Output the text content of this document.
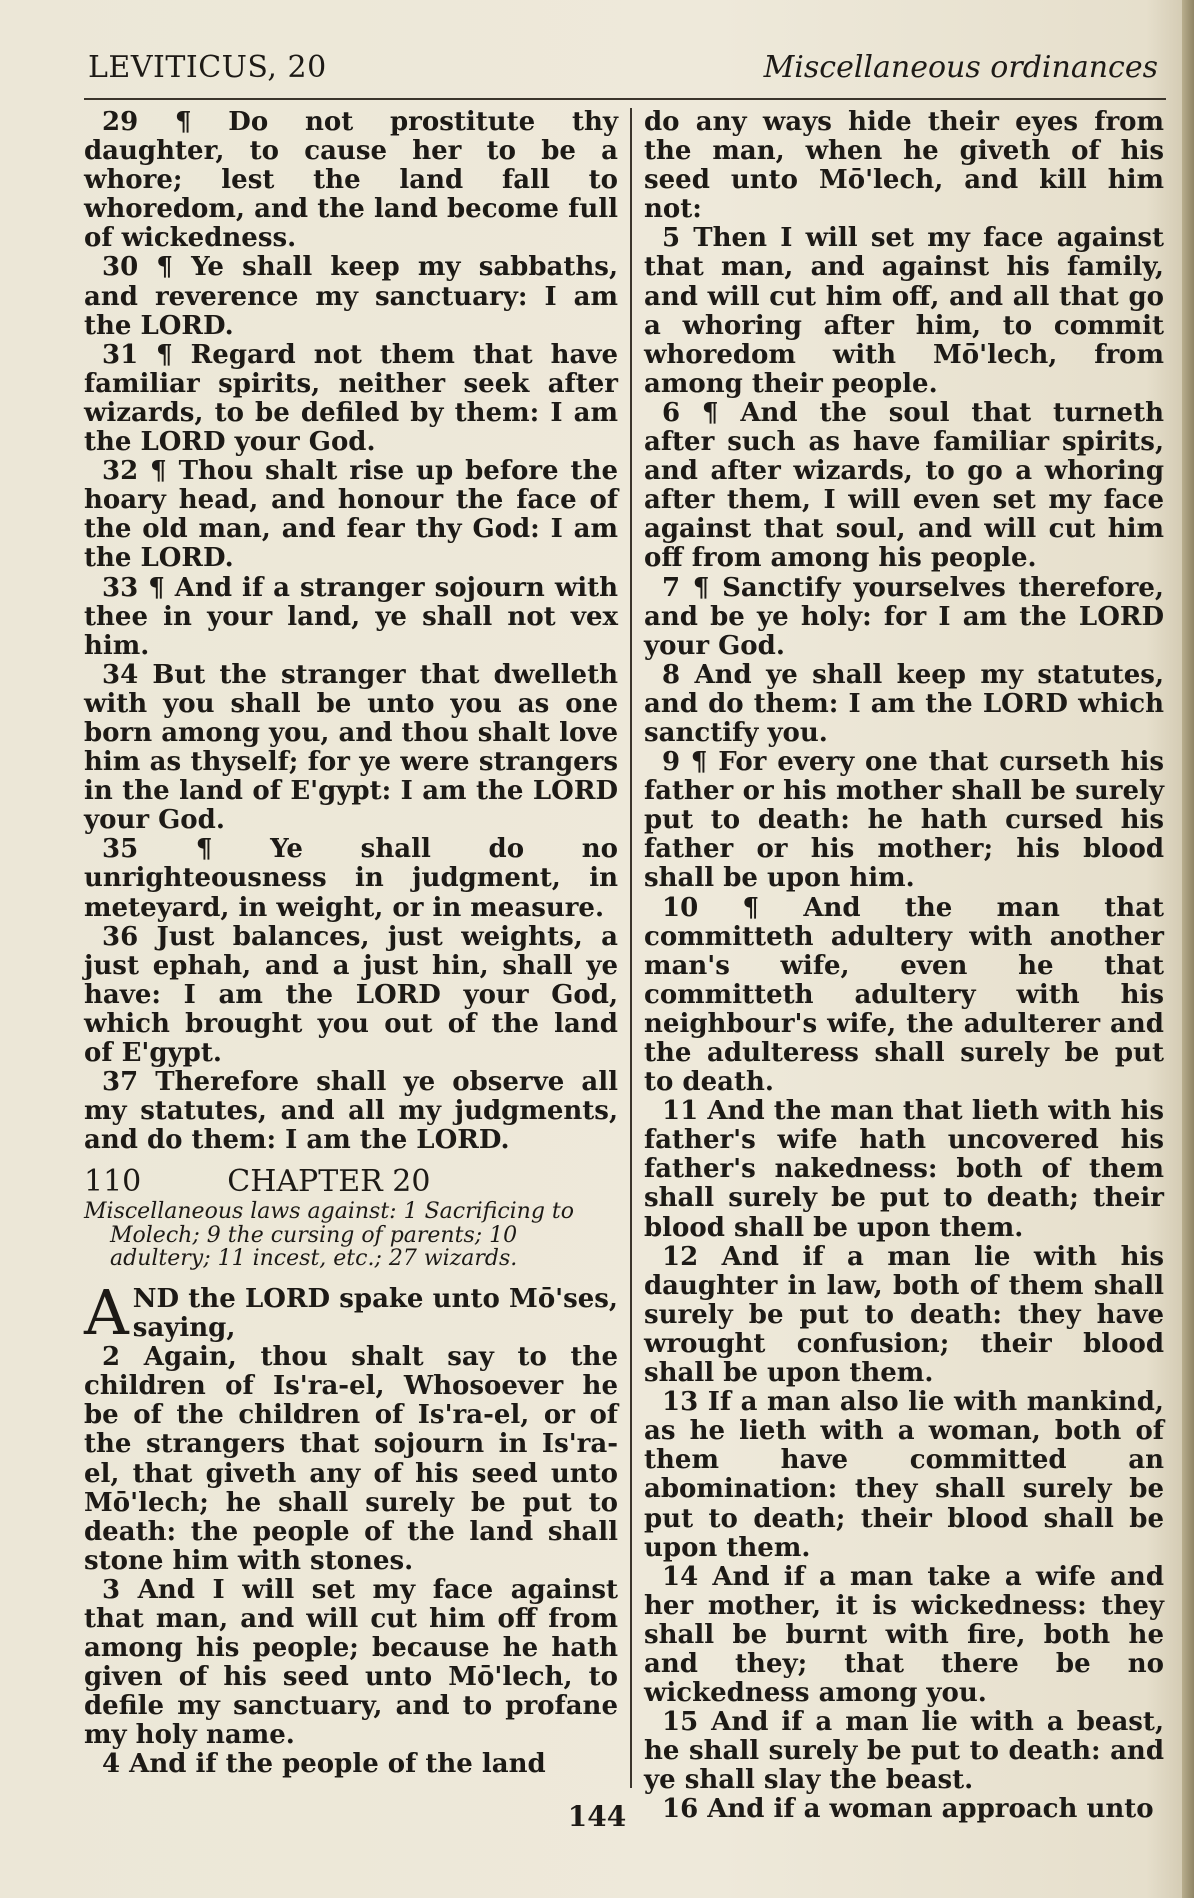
LEVITICUS, 20	Miscellaneous ordinances

29 ¶ Do not prostitute thy daughter, to cause her to be a whore; lest the land fall to whoredom, and the land become full of wickedness.

30 ¶ Ye shall keep my sabbaths, and reverence my sanctuary: I am the LORD.

31 ¶ Regard not them that have familiar spirits, neither seek after wizards, to be defiled by them: I am the LORD your God.

32 ¶ Thou shalt rise up before the hoary head, and honour the face of the old man, and fear thy God: I am the LORD.

33 ¶ And if a stranger sojourn with thee in your land, ye shall not vex him.

34 But the stranger that dwelleth with you shall be unto you as one born among you, and thou shalt love him as thyself; for ye were strangers in the land of E'gypt: I am the LORD your God.

35 ¶ Ye shall do no unrighteousness in judgment, in meteyard, in weight, or in measure.

36 Just balances, just weights, a just ephah, and a just hin, shall ye have: I am the LORD your God, which brought you out of the land of E'gypt.

37 Therefore shall ye observe all my statutes, and all my judgments, and do them: I am the LORD.

110	CHAPTER 20
Miscellaneous laws against: 1 Sacrificing to Molech; 9 the cursing of parents; 10 adultery; 11 incest, etc.; 27 wizards.

A ND the LORD spake unto Mō'ses, saying,

2 Again, thou shalt say to the children of Is'ra-el, Whosoever he be of the children of Is'ra-el, or of the strangers that sojourn in Is'ra-el, that giveth any of his seed unto Mō'lech; he shall surely be put to death: the people of the land shall stone him with stones.

3 And I will set my face against that man, and will cut him off from among his people; because he hath given of his seed unto Mō'lech, to defile my sanctuary, and to profane my holy name.

4 And if the people of the land

do any ways hide their eyes from the man, when he giveth of his seed unto Mō'lech, and kill him not:

5 Then I will set my face against that man, and against his family, and will cut him off, and all that go a whoring after him, to commit whoredom with Mō'lech, from among their people.

6 ¶ And the soul that turneth after such as have familiar spirits, and after wizards, to go a whoring after them, I will even set my face against that soul, and will cut him off from among his people.

7 ¶ Sanctify yourselves therefore, and be ye holy: for I am the LORD your God.

8 And ye shall keep my statutes, and do them: I am the LORD which sanctify you.

9 ¶ For every one that curseth his father or his mother shall be surely put to death: he hath cursed his father or his mother; his blood shall be upon him.

10 ¶ And the man that committeth adultery with another man's wife, even he that committeth adultery with his neighbour's wife, the adulterer and the adulteress shall surely be put to death.

11 And the man that lieth with his father's wife hath uncovered his father's nakedness: both of them shall surely be put to death; their blood shall be upon them.

12 And if a man lie with his daughter in law, both of them shall surely be put to death: they have wrought confusion; their blood shall be upon them.

13 If a man also lie with mankind, as he lieth with a woman, both of them have committed an abomination: they shall surely be put to death; their blood shall be upon them.

14 And if a man take a wife and her mother, it is wickedness: they shall be burnt with fire, both he and they; that there be no wickedness among you.

15 And if a man lie with a beast, he shall surely be put to death: and ye shall slay the beast.

16 And if a woman approach unto

144
